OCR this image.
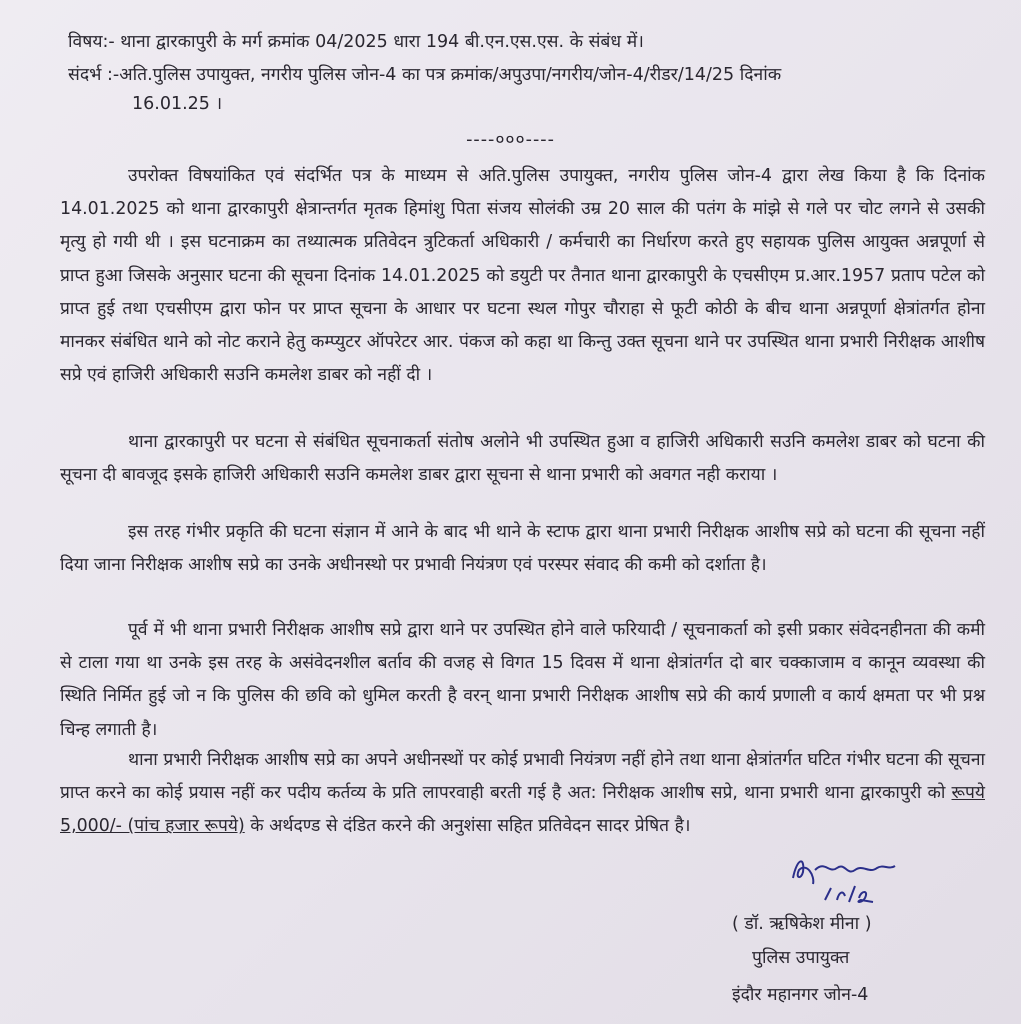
विषय:- थाना द्वारकापुरी के मर्ग क्रमांक 04/2025 धारा 194 बी.एन.एस.एस. के संबंध में।
संदर्भ :-अति.पुलिस उपायुक्त, नगरीय पुलिस जोन-4 का पत्र क्रमांक/अपुउपा/नगरीय/जोन-4/रीडर/14/25 दिनांक
16.01.25 ।
----०००----
उपरोक्त विषयांकित एवं संदर्भित पत्र के माध्यम से अति.पुलिस उपायुक्त, नगरीय पुलिस जोन-4 द्वारा लेख किया है कि दिनांक 14.01.2025 को थाना द्वारकापुरी क्षेत्रान्तर्गत मृतक हिमांशु पिता संजय सोलंकी उम्र 20 साल की पतंग के मांझे से गले पर चोट लगने से उसकी मृत्यु हो गयी थी । इस घटनाक्रम का तथ्यात्मक प्रतिवेदन त्रुटिकर्ता अधिकारी / कर्मचारी का निर्धारण करते हुए सहायक पुलिस आयुक्त अन्नपूर्णा से प्राप्त हुआ जिसके अनुसार घटना की सूचना दिनांक 14.01.2025 को डयुटी पर तैनात थाना द्वारकापुरी के एचसीएम प्र.आर.1957 प्रताप पटेल को प्राप्त हुई तथा एचसीएम द्वारा फोन पर प्राप्त सूचना के आधार पर घटना स्थल गोपुर चौराहा से फूटी कोठी के बीच थाना अन्नपूर्णा क्षेत्रांतर्गत होना मानकर संबंधित थाने को नोट कराने हेतु कम्प्युटर ऑपरेटर आर. पंकज को कहा था किन्तु उक्त सूचना थाने पर उपस्थित थाना प्रभारी निरीक्षक आशीष सप्रे एवं हाजिरी अधिकारी सउनि कमलेश डाबर को नहीं दी ।
थाना द्वारकापुरी पर घटना से संबंधित सूचनाकर्ता संतोष अलोने भी उपस्थित हुआ व हाजिरी अधिकारी सउनि कमलेश डाबर को घटना की सूचना दी बावजूद इसके हाजिरी अधिकारी सउनि कमलेश डाबर द्वारा सूचना से थाना प्रभारी को अवगत नही कराया ।
इस तरह गंभीर प्रकृति की घटना संज्ञान में आने के बाद भी थाने के स्टाफ द्वारा थाना प्रभारी निरीक्षक आशीष सप्रे को घटना की सूचना नहीं दिया जाना निरीक्षक आशीष सप्रे का उनके अधीनस्थो पर प्रभावी नियंत्रण एवं परस्पर संवाद की कमी को दर्शाता है।
पूर्व में भी थाना प्रभारी निरीक्षक आशीष सप्रे द्वारा थाने पर उपस्थित होने वाले फरियादी / सूचनाकर्ता को इसी प्रकार संवेदनहीनता की कमी से टाला गया था उनके इस तरह के असंवेदनशील बर्ताव की वजह से विगत 15 दिवस में थाना क्षेत्रांतर्गत दो बार चक्काजाम व कानून व्यवस्था की स्थिति निर्मित हुई जो न कि पुलिस की छवि को धुमिल करती है वरन् थाना प्रभारी निरीक्षक आशीष सप्रे की कार्य प्रणाली व कार्य क्षमता पर भी प्रश्न चिन्ह लगाती है।
थाना प्रभारी निरीक्षक आशीष सप्रे का अपने अधीनस्थों पर कोई प्रभावी नियंत्रण नहीं होने तथा थाना क्षेत्रांतर्गत घटित गंभीर घटना की सूचना प्राप्त करने का कोई प्रयास नहीं कर पदीय कर्तव्य के प्रति लापरवाही बरती गई है अत: निरीक्षक आशीष सप्रे, थाना प्रभारी थाना द्वारकापुरी को रूपये 5,000/- (पांच हजार रूपये) के अर्थदण्ड से दंडित करने की अनुशंसा सहित प्रतिवेदन सादर प्रेषित है।
( डॉ. ऋषिकेश मीना )
पुलिस उपायुक्त
इंदौर महानगर जोन-4
